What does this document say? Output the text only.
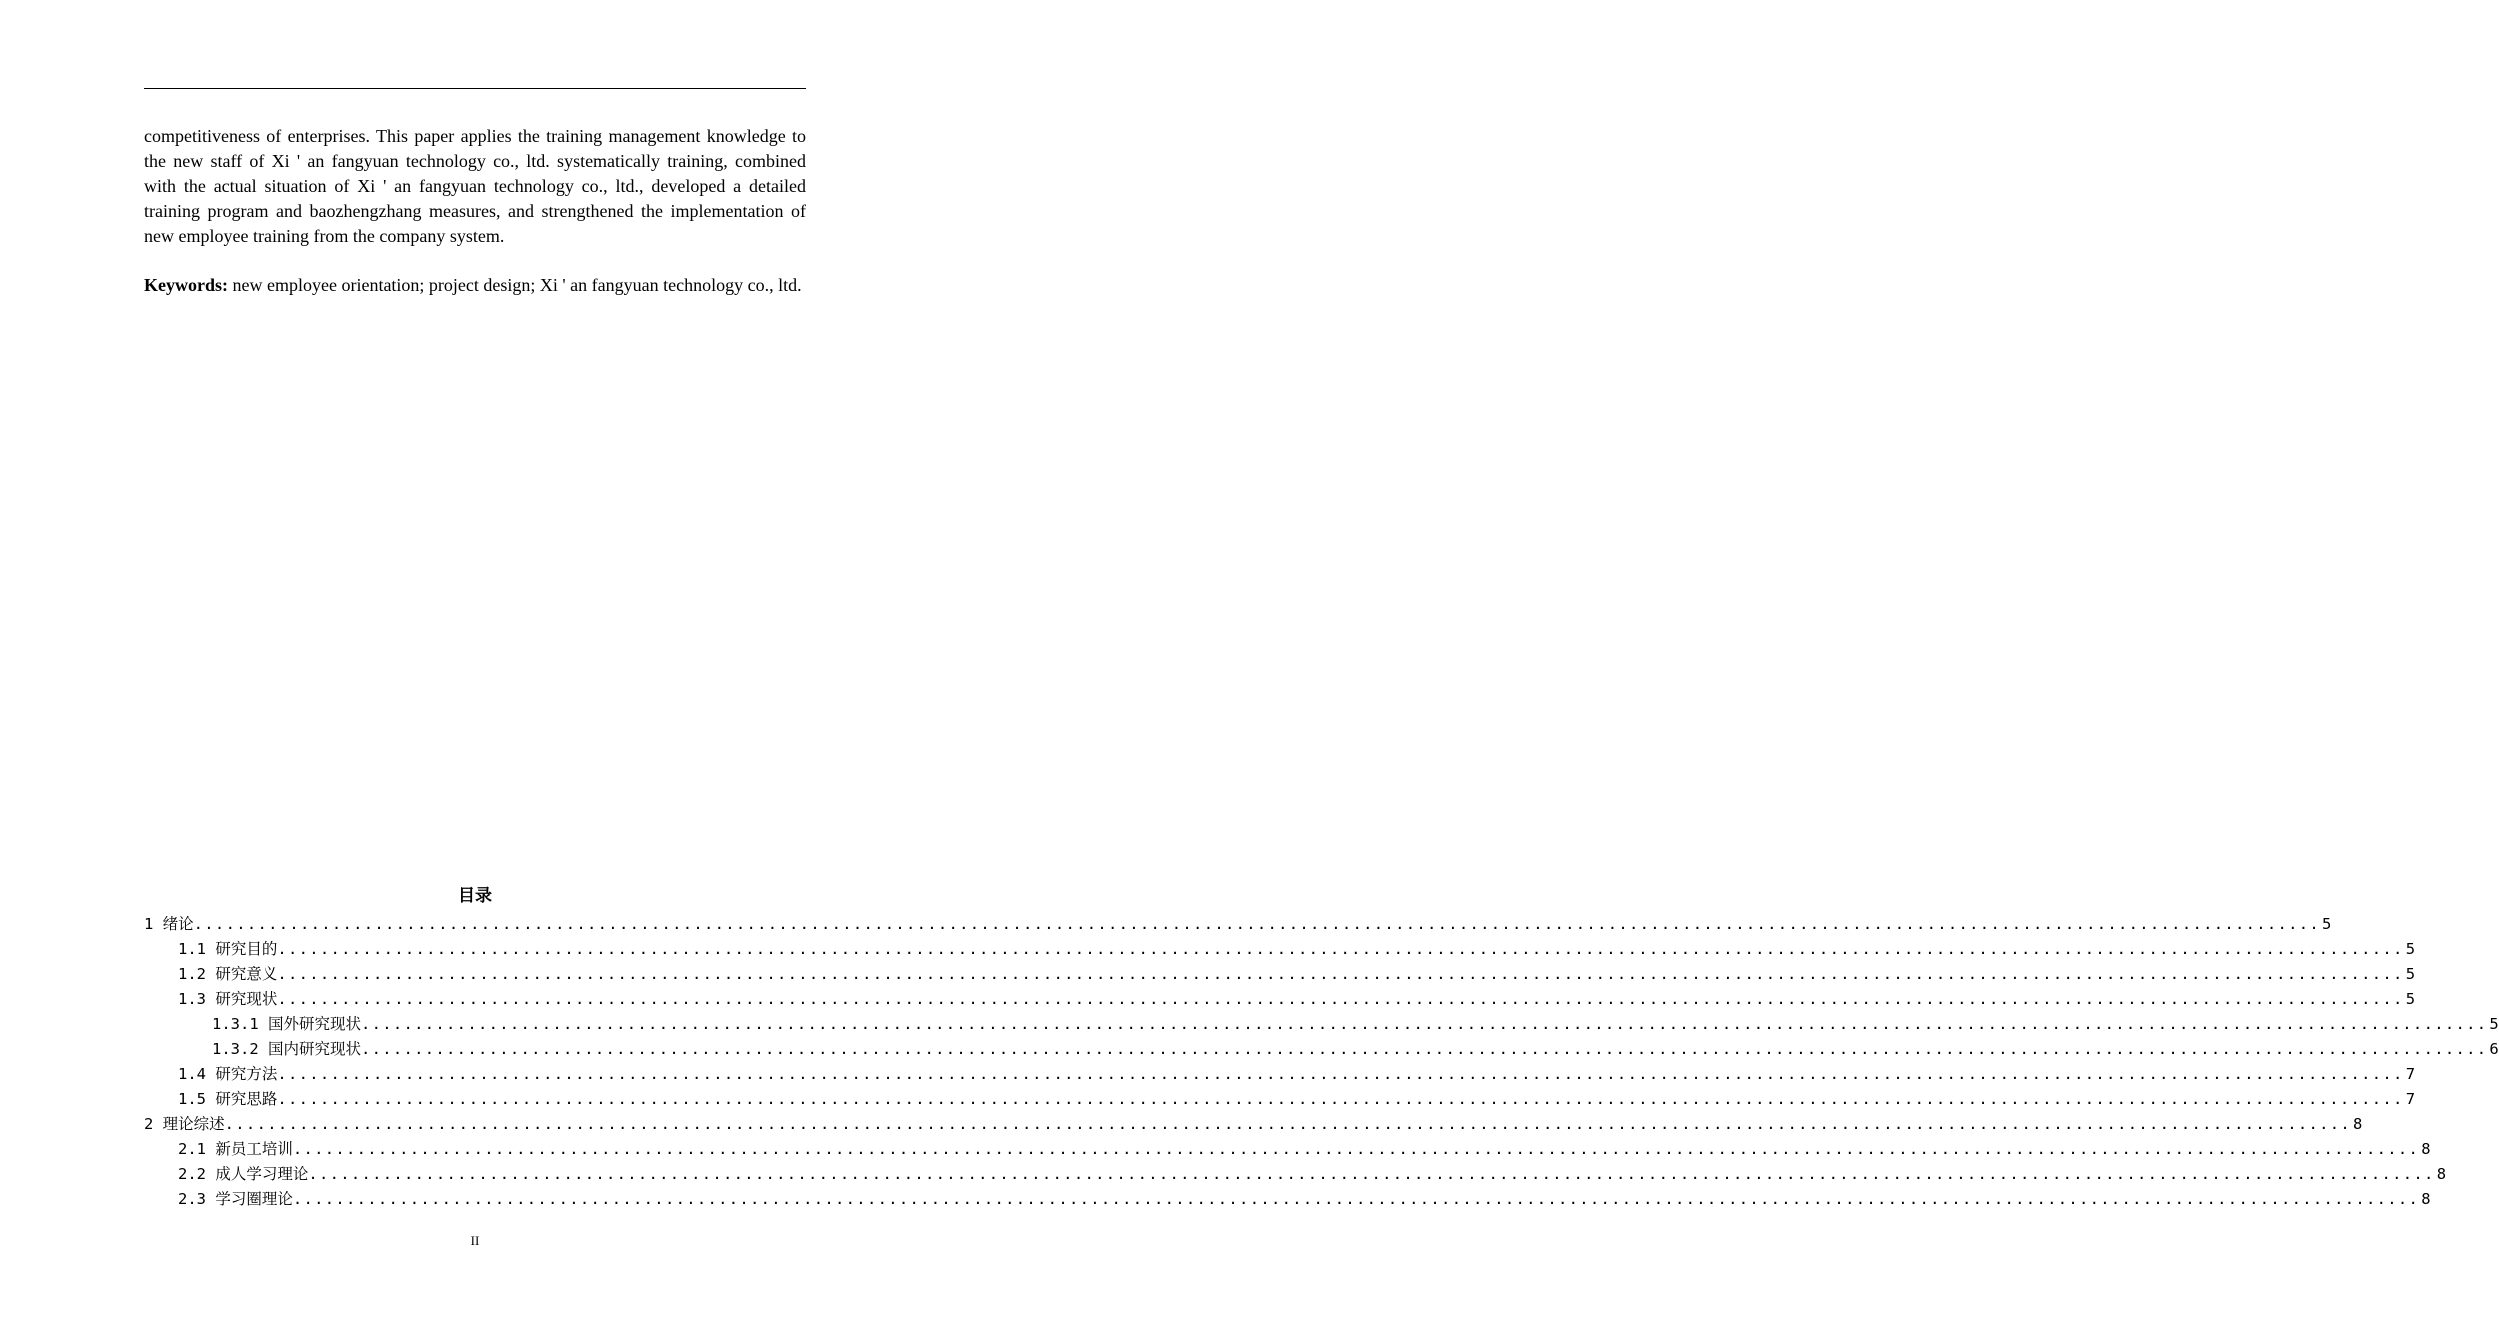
competitiveness of enterprises. This paper applies the training management knowledge to the new staff of Xi ' an fangyuan technology co., ltd. systematically training, combined with the actual situation of Xi ' an fangyuan technology co., ltd., developed a detailed training program and baozhengzhang measures, and strengthened the implementation of new employee training from the company system.

Keywords: new employee orientation; project design; Xi ' an fangyuan technology co., ltd.

目录
1 绪论 ........................................................................................................................................................................................................ 5
1.1 研究目的 ........................................................................................................................................................................................................ 5
1.2 研究意义 ........................................................................................................................................................................................................ 5
1.3 研究现状 ........................................................................................................................................................................................................ 5
1.3.1 国外研究现状 ........................................................................................................................................................................................................ 5
1.3.2 国内研究现状 ........................................................................................................................................................................................................ 6
1.4 研究方法 ........................................................................................................................................................................................................ 7
1.5 研究思路 ........................................................................................................................................................................................................ 7
2 理论综述 ........................................................................................................................................................................................................ 8
2.1 新员工培训 ........................................................................................................................................................................................................ 8
2.2 成人学习理论 ........................................................................................................................................................................................................ 8
2.3 学习圈理论 ........................................................................................................................................................................................................ 8
II
